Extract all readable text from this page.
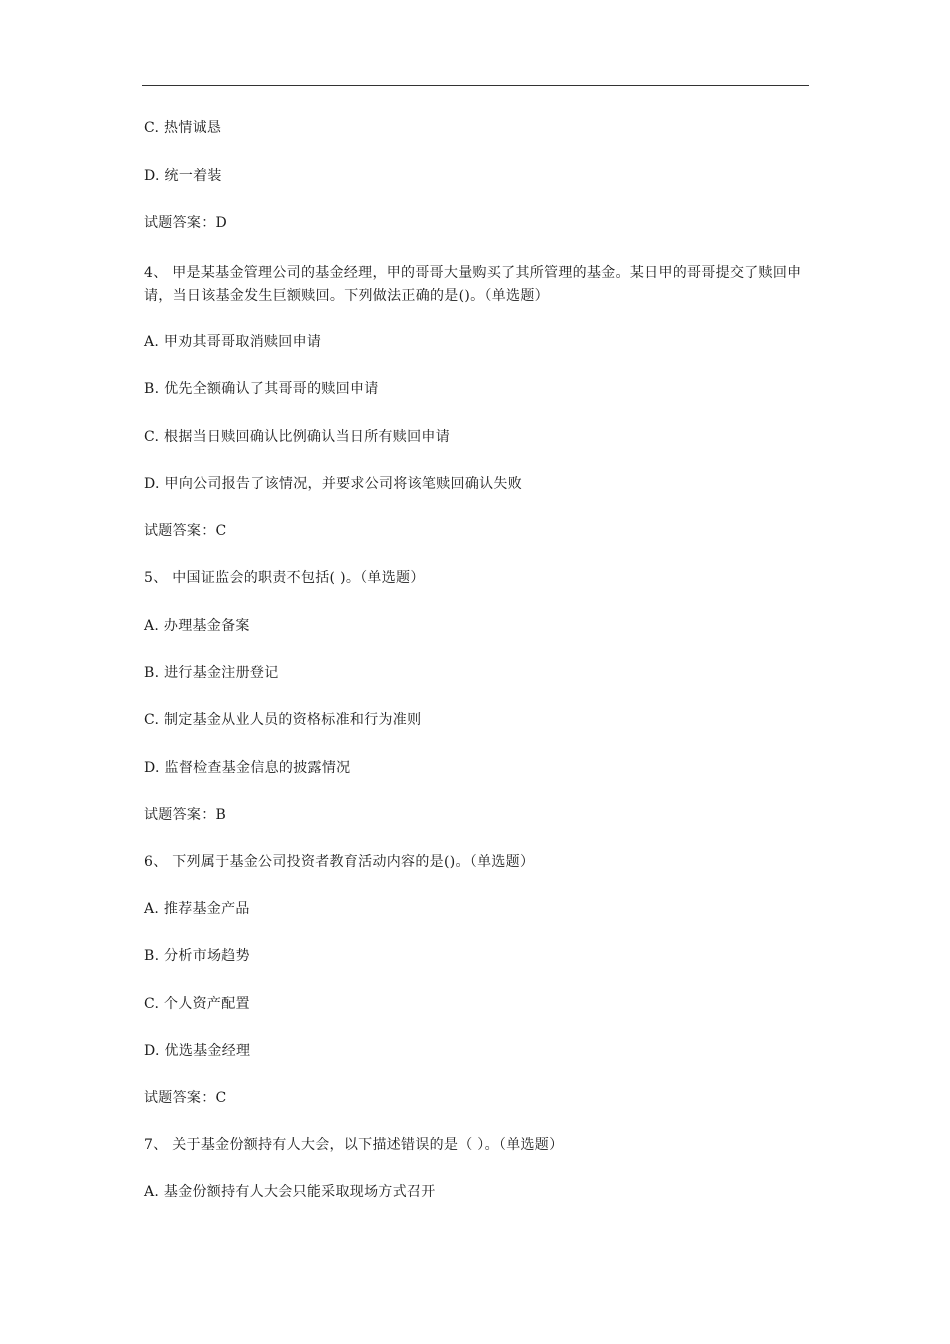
C. 热情诚恳
D. 统一着装
试题答案：D
4、 甲是某基金管理公司的基金经理，甲的哥哥大量购买了其所管理的基金。某日甲的哥哥提交了赎回申请，当日该基金发生巨额赎回。下列做法正确的是()。（单选题）
A. 甲劝其哥哥取消赎回申请
B. 优先全额确认了其哥哥的赎回申请
C. 根据当日赎回确认比例确认当日所有赎回申请
D. 甲向公司报告了该情况，并要求公司将该笔赎回确认失败
试题答案：C
5、 中国证监会的职责不包括( )。（单选题）
A. 办理基金备案
B. 进行基金注册登记
C. 制定基金从业人员的资格标准和行为准则
D. 监督检查基金信息的披露情况
试题答案：B
6、 下列属于基金公司投资者教育活动内容的是()。（单选题）
A. 推荐基金产品
B. 分析市场趋势
C. 个人资产配置
D. 优选基金经理
试题答案：C
7、 关于基金份额持有人大会，以下描述错误的是（ ）。（单选题）
A. 基金份额持有人大会只能采取现场方式召开
